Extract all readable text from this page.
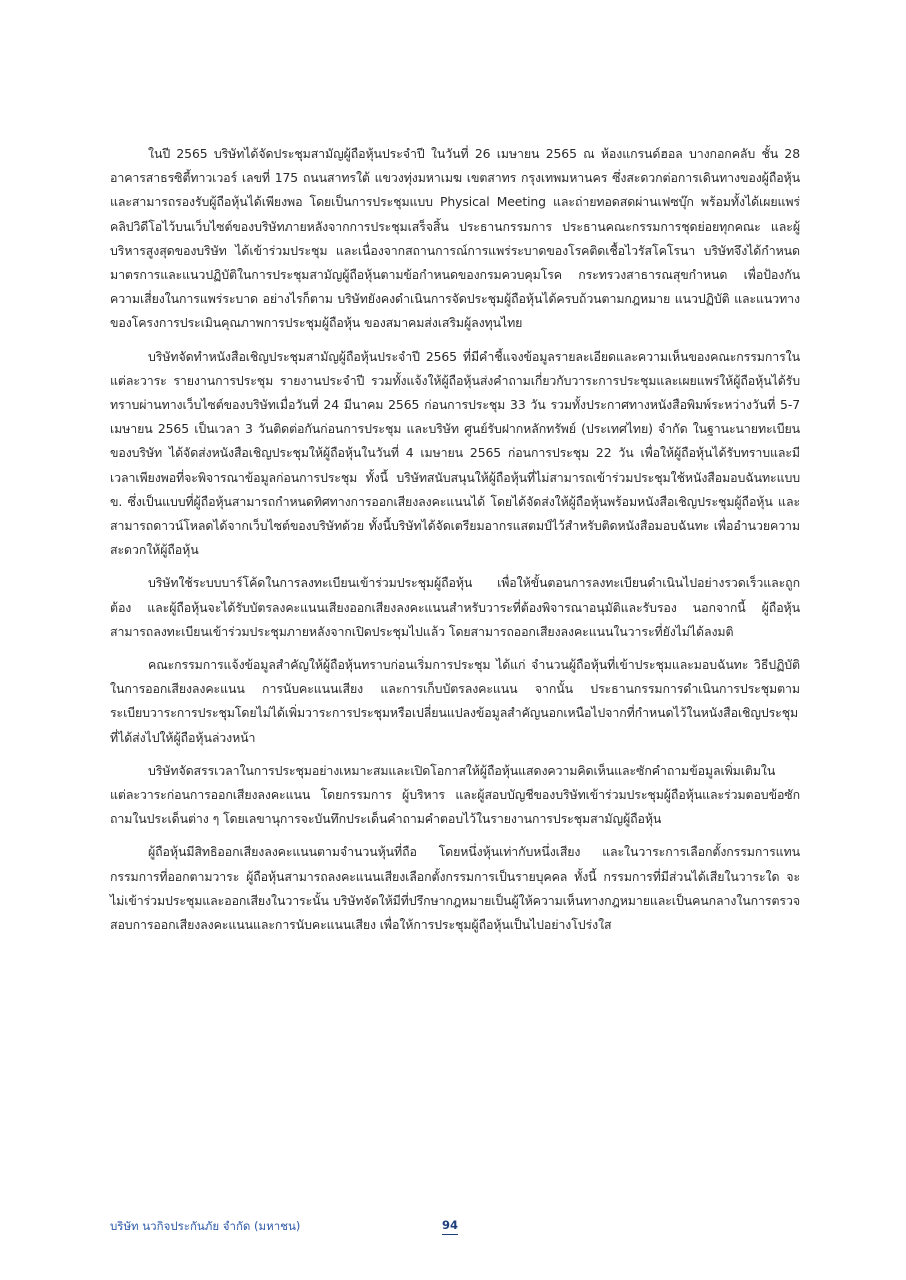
ในปี 2565 บริษัทได้จัดประชุมสามัญผู้ถือหุ้นประจำปี ในวันที่ 26 เมษายน 2565 ณ ห้องแกรนด์ฮอล บางกอกคลับ ชั้น 28 อาคารสาธรซิตี้ทาวเวอร์ เลขที่ 175 ถนนสาทรใต้ แขวงทุ่งมหาเมฆ เขตสาทร กรุงเทพมหานคร ซึ่งสะดวกต่อการเดินทางของผู้ถือหุ้นและสามารถรองรับผู้ถือหุ้นได้เพียงพอ โดยเป็นการประชุมแบบ Physical Meeting และถ่ายทอดสดผ่านเฟซบุ๊ก พร้อมทั้งได้เผยแพร่คลิปวิดีโอไว้บนเว็บไซต์ของบริษัทภายหลังจากการประชุมเสร็จสิ้น ประธานกรรมการ ประธานคณะกรรมการชุดย่อยทุกคณะ และผู้บริหารสูงสุดของบริษัท ได้เข้าร่วมประชุม และเนื่องจากสถานการณ์การแพร่ระบาดของโรคติดเชื้อไวรัสโคโรนา บริษัทจึงได้กำหนดมาตรการและแนวปฏิบัติในการประชุมสามัญผู้ถือหุ้นตามข้อกำหนดของกรมควบคุมโรค กระทรวงสาธารณสุขกำหนด เพื่อป้องกันความเสี่ยงในการแพร่ระบาด อย่างไรก็ตาม บริษัทยังคงดำเนินการจัดประชุมผู้ถือหุ้นได้ครบถ้วนตามกฎหมาย แนวปฏิบัติ และแนวทางของโครงการประเมินคุณภาพการประชุมผู้ถือหุ้น ของสมาคมส่งเสริมผู้ลงทุนไทย

บริษัทจัดทำหนังสือเชิญประชุมสามัญผู้ถือหุ้นประจำปี 2565 ที่มีคำชี้แจงข้อมูลรายละเอียดและความเห็นของคณะกรรมการในแต่ละวาระ รายงานการประชุม รายงานประจำปี รวมทั้งแจ้งให้ผู้ถือหุ้นส่งคำถามเกี่ยวกับวาระการประชุมและเผยแพร่ให้ผู้ถือหุ้นได้รับทราบผ่านทางเว็บไซต์ของบริษัทเมื่อวันที่ 24 มีนาคม 2565 ก่อนการประชุม 33 วัน รวมทั้งประกาศทางหนังสือพิมพ์ระหว่างวันที่ 5-7 เมษายน 2565 เป็นเวลา 3 วันติดต่อกันก่อนการประชุม และบริษัท ศูนย์รับฝากหลักทรัพย์ (ประเทศไทย) จำกัด ในฐานะนายทะเบียนของบริษัท ได้จัดส่งหนังสือเชิญประชุมให้ผู้ถือหุ้นในวันที่ 4 เมษายน 2565 ก่อนการประชุม 22 วัน เพื่อให้ผู้ถือหุ้นได้รับทราบและมีเวลาเพียงพอที่จะพิจารณาข้อมูลก่อนการประชุม ทั้งนี้ บริษัทสนับสนุนให้ผู้ถือหุ้นที่ไม่สามารถเข้าร่วมประชุมใช้หนังสือมอบฉันทะแบบ ข. ซึ่งเป็นแบบที่ผู้ถือหุ้นสามารถกำหนดทิศทางการออกเสียงลงคะแนนได้ โดยได้จัดส่งให้ผู้ถือหุ้นพร้อมหนังสือเชิญประชุมผู้ถือหุ้น และสามารถดาวน์โหลดได้จากเว็บไซต์ของบริษัทด้วย ทั้งนี้บริษัทได้จัดเตรียมอากรแสตมป์ไว้สำหรับติดหนังสือมอบฉันทะ เพื่ออำนวยความสะดวกให้ผู้ถือหุ้น

บริษัทใช้ระบบบาร์โค้ดในการลงทะเบียนเข้าร่วมประชุมผู้ถือหุ้น เพื่อให้ขั้นตอนการลงทะเบียนดำเนินไปอย่างรวดเร็วและถูกต้อง และผู้ถือหุ้นจะได้รับบัตรลงคะแนนเสียงออกเสียงลงคะแนนสำหรับวาระที่ต้องพิจารณาอนุมัติและรับรอง นอกจากนี้ ผู้ถือหุ้นสามารถลงทะเบียนเข้าร่วมประชุมภายหลังจากเปิดประชุมไปแล้ว โดยสามารถออกเสียงลงคะแนนในวาระที่ยังไม่ได้ลงมติ

คณะกรรมการแจ้งข้อมูลสำคัญให้ผู้ถือหุ้นทราบก่อนเริ่มการประชุม ได้แก่ จำนวนผู้ถือหุ้นที่เข้าประชุมและมอบฉันทะ วิธีปฏิบัติในการออกเสียงลงคะแนน การนับคะแนนเสียง และการเก็บบัตรลงคะแนน จากนั้น ประธานกรรมการดำเนินการประชุมตามระเบียบวาระการประชุมโดยไม่ได้เพิ่มวาระการประชุมหรือเปลี่ยนแปลงข้อมูลสำคัญนอกเหนือไปจากที่กำหนดไว้ในหนังสือเชิญประชุมที่ได้ส่งไปให้ผู้ถือหุ้นล่วงหน้า

บริษัทจัดสรรเวลาในการประชุมอย่างเหมาะสมและเปิดโอกาสให้ผู้ถือหุ้นแสดงความคิดเห็นและซักคำถามข้อมูลเพิ่มเติมในแต่ละวาระก่อนการออกเสียงลงคะแนน โดยกรรมการ ผู้บริหาร และผู้สอบบัญชีของบริษัทเข้าร่วมประชุมผู้ถือหุ้นและร่วมตอบข้อซักถามในประเด็นต่าง ๆ โดยเลขานุการจะบันทึกประเด็นคำถามคำตอบไว้ในรายงานการประชุมสามัญผู้ถือหุ้น

ผู้ถือหุ้นมีสิทธิออกเสียงลงคะแนนตามจำนวนหุ้นที่ถือ โดยหนึ่งหุ้นเท่ากับหนึ่งเสียง และในวาระการเลือกตั้งกรรมการแทนกรรมการที่ออกตามวาระ ผู้ถือหุ้นสามารถลงคะแนนเสียงเลือกตั้งกรรมการเป็นรายบุคคล ทั้งนี้ กรรมการที่มีส่วนได้เสียในวาระใด จะไม่เข้าร่วมประชุมและออกเสียงในวาระนั้น บริษัทจัดให้มีที่ปรึกษากฎหมายเป็นผู้ให้ความเห็นทางกฎหมายและเป็นคนกลางในการตรวจสอบการออกเสียงลงคะแนนและการนับคะแนนเสียง เพื่อให้การประชุมผู้ถือหุ้นเป็นไปอย่างโปร่งใส

บริษัท นวกิจประกันภัย จำกัด (มหาชน)	94
